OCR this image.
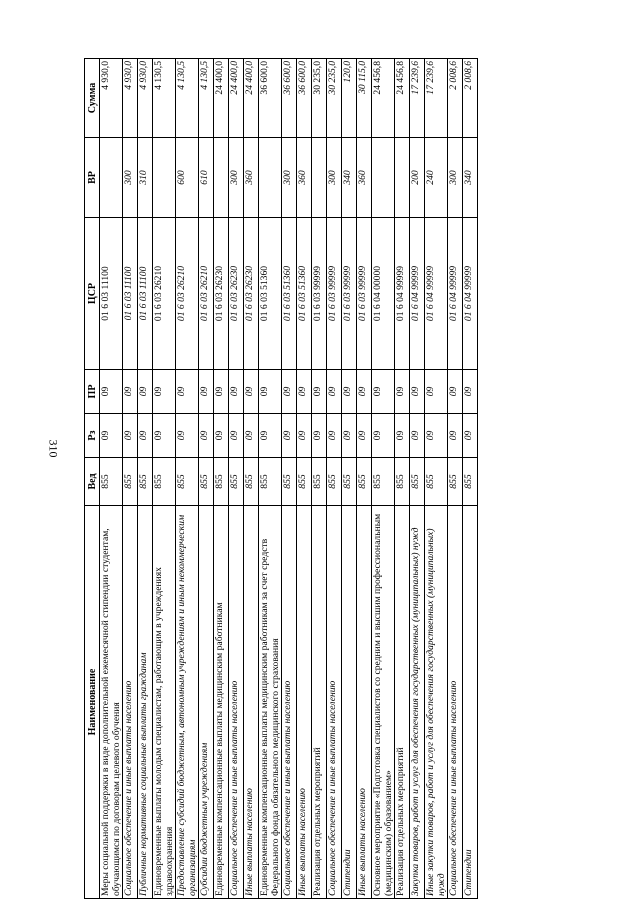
310
Наименование	Вед	Рз	ПР	ЦСР	ВР	Сумма
Меры социальной поддержки в виде дополнительной ежемесячной стипендии студентам, обучающимся по договорам целевого обучения	855	09	09	01 6 03 11100		4 930,0
Социальное обеспечение и иные выплаты населению	855	09	09	01 6 03 11100	300	4 930,0
Публичные нормативные социальные выплаты гражданам	855	09	09	01 6 03 11100	310	4 930,0
Единовременные выплаты молодым специалистам, работающим в учреждениях здравоохранения	855	09	09	01 6 03 26210		4 130,5
Предоставление субсидий бюджетным, автономным учреждениям и иным некоммерческим организациям	855	09	09	01 6 03 26210	600	4 130,5
Субсидии бюджетным учреждениям	855	09	09	01 6 03 26210	610	4 130,5
Единовременные компенсационные выплаты медицинским работникам	855	09	09	01 6 03 26230		24 400,0
Социальное обеспечение и иные выплаты населению	855	09	09	01 6 03 26230	300	24 400,0
Иные выплаты населению	855	09	09	01 6 03 26230	360	24 400,0
Единовременные компенсационные выплаты медицинским работникам за счет средств Федерального фонда обязательного медицинского страхования	855	09	09	01 6 03 51360		36 600,0
Социальное обеспечение и иные выплаты населению	855	09	09	01 6 03 51360	300	36 600,0
Иные выплаты населению	855	09	09	01 6 03 51360	360	36 600,0
Реализация отдельных мероприятий	855	09	09	01 6 03 99999		30 235,0
Социальное обеспечение и иные выплаты населению	855	09	09	01 6 03 99999	300	30 235,0
Стипендии	855	09	09	01 6 03 99999	340	120,0
Иные выплаты населению	855	09	09	01 6 03 99999	360	30 115,0
Основное мероприятие «Подготовка специалистов со средним и высшим профессиональным (медицинским) образованием»	855	09	09	01 6 04 00000		24 456,8
Реализация отдельных мероприятий	855	09	09	01 6 04 99999		24 456,8
Закупка товаров, работ и услуг для обеспечения государственных (муниципальных) нужд	855	09	09	01 6 04 99999	200	17 239,6
Иные закупки товаров, работ и услуг для обеспечения государственных (муниципальных) нужд	855	09	09	01 6 04 99999	240	17 239,6
Социальное обеспечение и иные выплаты населению	855	09	09	01 6 04 99999	300	2 008,6
Стипендии	855	09	09	01 6 04 99999	340	2 008,6
